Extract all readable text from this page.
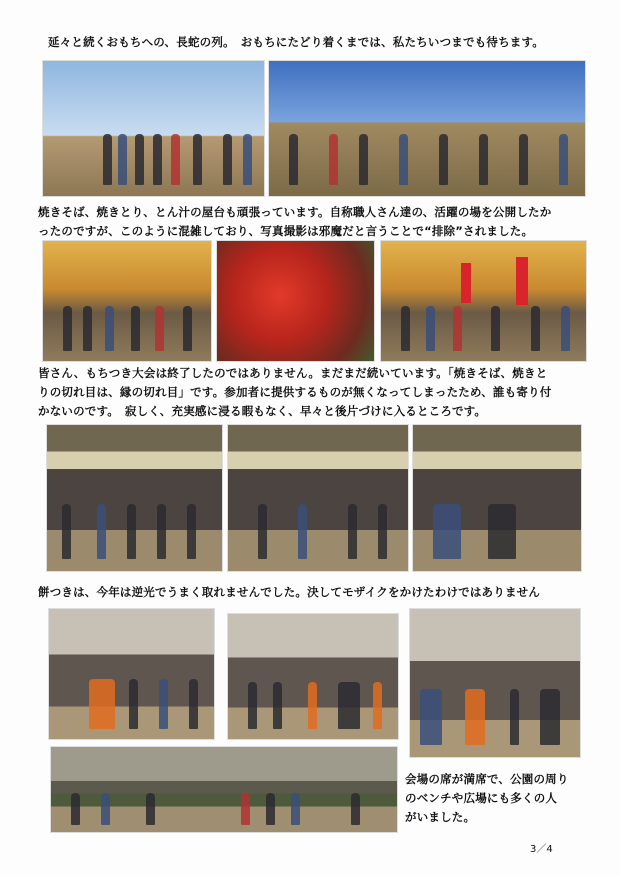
延々と続くおもちへの、長蛇の列。　おもちにたどり着くまでは、私たちいつまでも待ちます。
焼きそば、焼きとり、とん汁の屋台も頑張っています。自称職人さん達の、活躍の場を公開したか
ったのですが、このように混雑しており、写真撮影は邪魔だと言うことで“排除”されました。
皆さん、もちつき大会は終了したのではありません。まだまだ続いています。「焼きそば、焼きと
りの切れ目は、縁の切れ目」です。参加者に提供するものが無くなってしまったため、誰も寄り付
かないのです。　寂しく、充実感に浸る暇もなく、早々と後片づけに入るところです。
餅つきは、今年は逆光でうまく取れませんでした。決してモザイクをかけたわけではありません
会場の席が満席で、公園の周り
のベンチや広場にも多くの人
がいました。
3／4
